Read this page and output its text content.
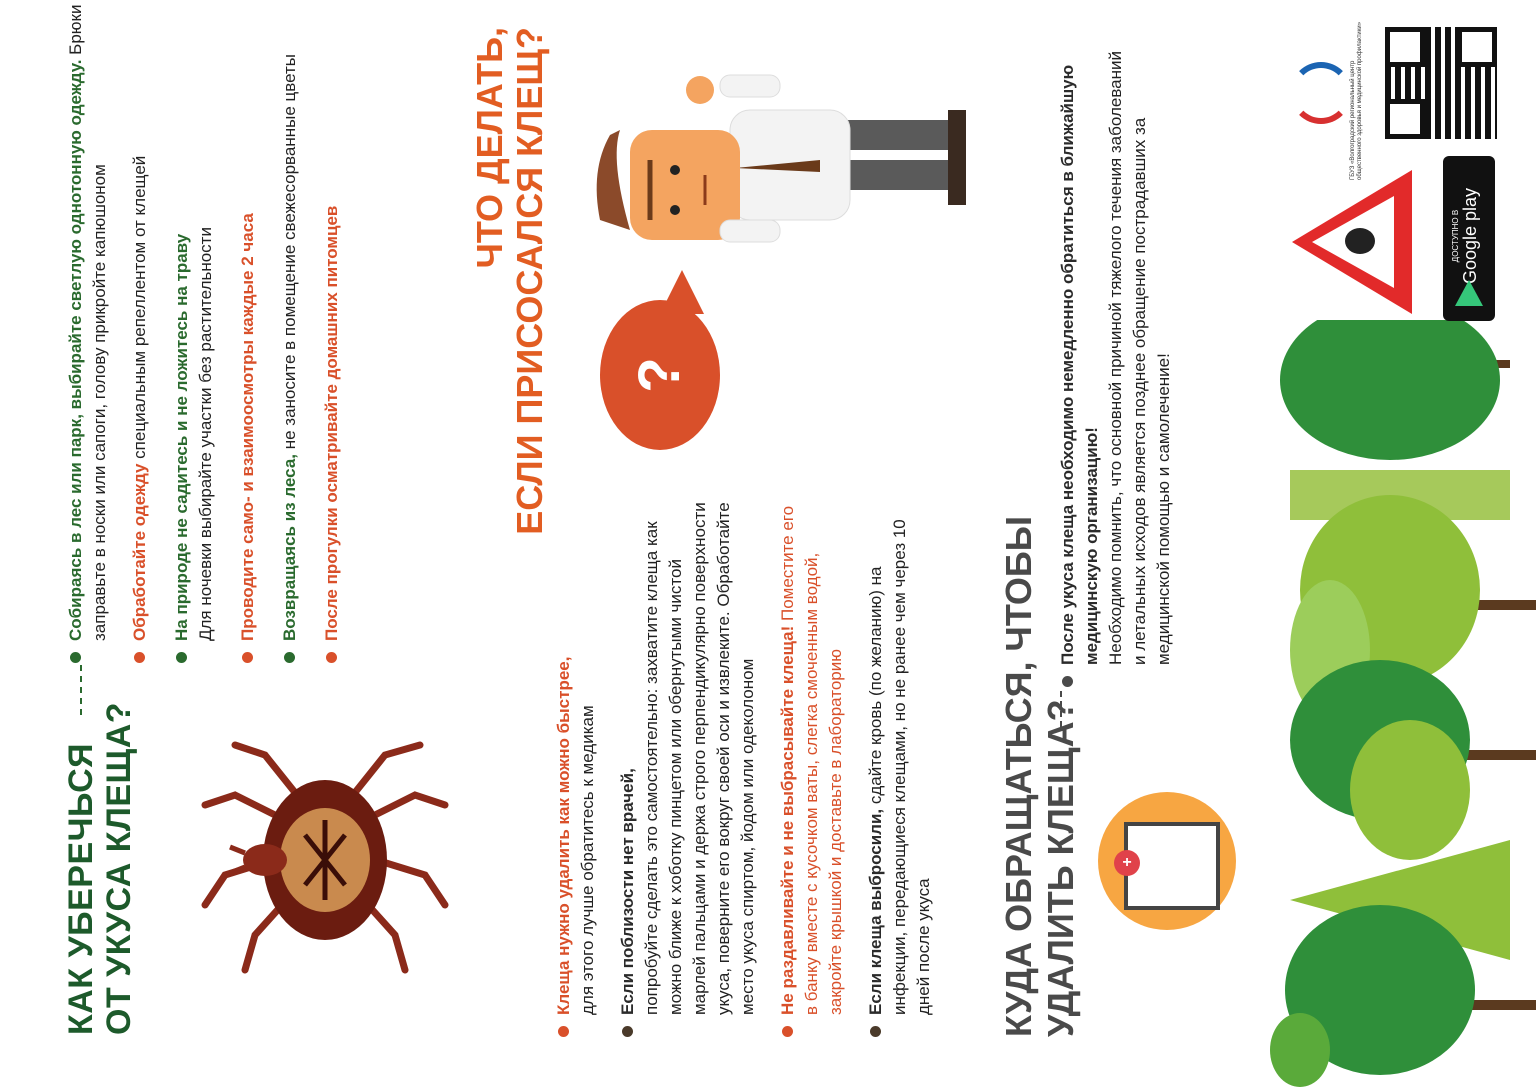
КАК УБЕРЕЧЬСЯ ОТ УКУСА КЛЕЩА?
Собираясь в лес или парк, выбирайте светлую однотонную одежду. Брюки заправьте в носки или сапоги, голову прикройте капюшоном Обработайте одежду специальным репеллентом от клещей На природе не садитесь и не ложитесь на траву Для ночевки выбирайте участки без растительности Проводите само- и взаимоосмотры каждые 2 часа Возвращаясь из леса, не заносите в помещение свежесорванные цветы После прогулки осматривайте домашних питомцев
Клеща нужно удалить как можно быстрее, для этого лучше обратитесь к медикам Если поблизости нет врачей, попробуйте сделать это самостоятельно: захватите клеща как можно ближе к хоботку пинцетом или обернутыми чистой марлей пальцами и держа строго перпендикулярно поверхности укуса, поверните его вокруг своей оси и извлеките. Обработайте место укуса спиртом, йодом или одеколоном Не раздавливайте и не выбрасывайте клеща! Поместите его в банку вместе с кусочком ваты, слегка смоченным водой, закройте крышкой и доставьте в лабораторию Если клеща выбросили, сдайте кровь (по желанию) на инфекции, передающиеся клещами, но не ранее чем через 10 дней после укуса
ЧТО ДЕЛАТЬ, ЕСЛИ ПРИСОСАЛСЯ КЛЕЩ? ?
КУДА ОБРАЩАТЬСЯ, ЧТОБЫ УДАЛИТЬ КЛЕЩА?
После укуса клеща необходимо немедленно обратиться в ближайшую медицинскую организацию! Необходимо помнить, что основной причиной тяжелого течения заболеваний и летальных исходов является позднее обращение пострадавших за медицинской помощью и самолечение!
+
ДОСТУПНО В Google play
ГБУЗ «Волгоградский региональный центр общественного здоровья и медицинской профилактики»
